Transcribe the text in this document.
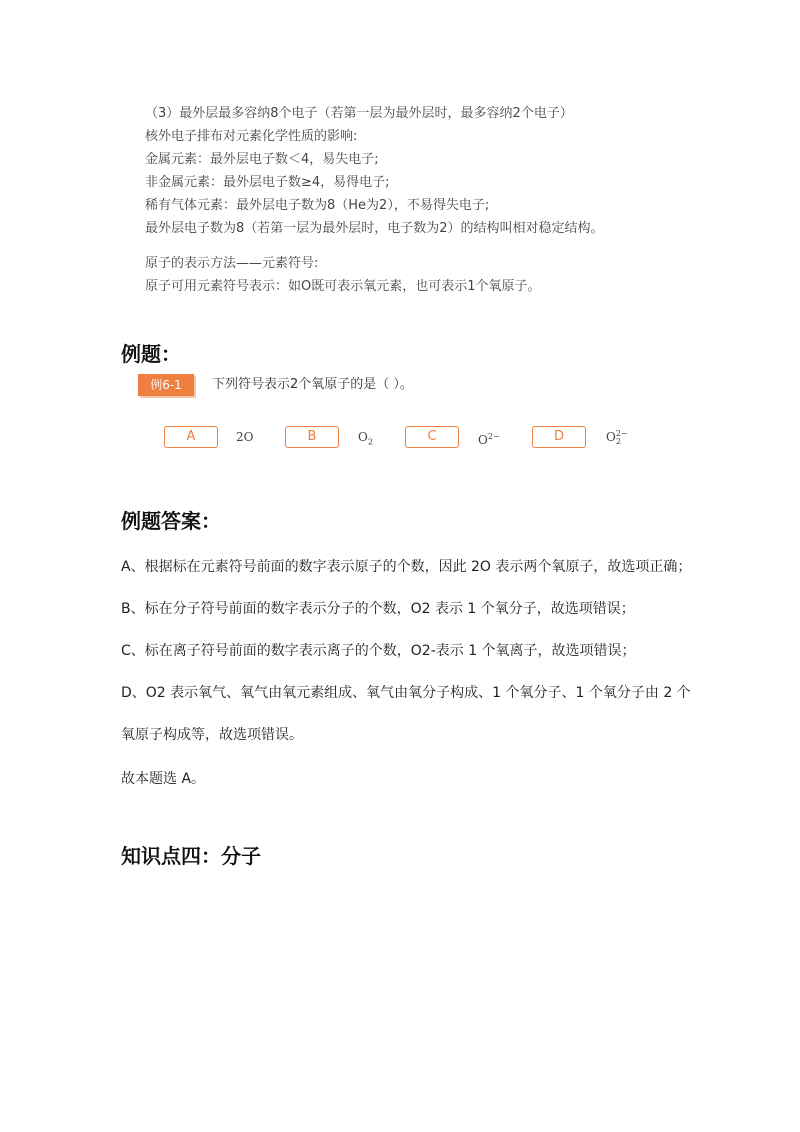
（3）最外层最多容纳8个电子（若第一层为最外层时，最多容纳2个电子）
核外电子排布对元素化学性质的影响:
金属元素：最外层电子数＜4，易失电子;
非金属元素：最外层电子数≥4，易得电子;
稀有气体元素：最外层电子数为8（He为2），不易得失电子;
最外层电子数为8（若第一层为最外层时，电子数为2）的结构叫相对稳定结构。
原子的表示方法——元素符号:
原子可用元素符号表示：如O既可表示氧元素，也可表示1个氧原子。
例题：
例6-1	下列符号表示2个氧原子的是（ ）。
A	2O	B	$O_2$	C	$O^{2-}$	D	O 2−
2
例题答案：
A、根据标在元素符号前面的数字表示原子的个数，因此 2O 表示两个氧原子，故选项正确；
B、标在分子符号前面的数字表示分子的个数，O2 表示 1 个氧分子，故选项错误；
C、标在离子符号前面的数字表示离子的个数，O2-表示 1 个氧离子，故选项错误；
D、O2 表示氧气、氧气由氧元素组成、氧气由氧分子构成、1 个氧分子、1 个氧分子由 2 个
氧原子构成等，故选项错误。
故本题选 A。
知识点四：分子
